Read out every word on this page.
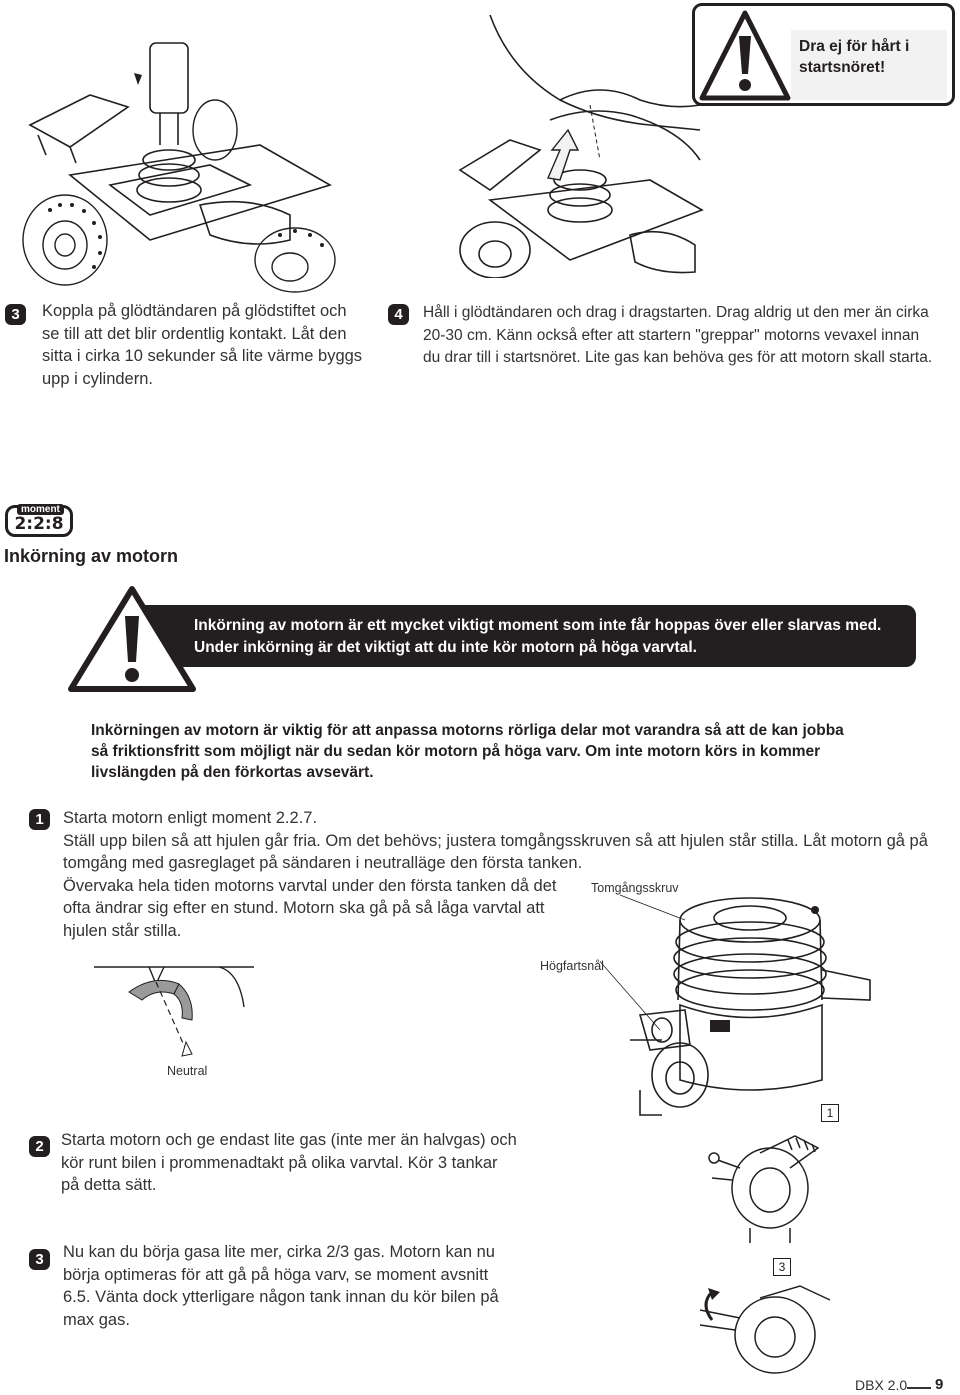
Dra ej för hårt i
startsnöret!
3	Koppla på glödtändaren på glödstiftet och
se till att det blir ordentlig kontakt. Låt den
sitta i cirka 10 sekunder så lite värme byggs
upp i cylindern.
4	Håll i glödtändaren och drag i dragstarten. Drag aldrig ut den mer än cirka
20-30 cm. Känn också efter att startern "greppar" motorns vevaxel innan
du drar till i startsnöret. Lite gas kan behöva ges för att motorn skall starta.
moment
2:2:8
Inkörning av motorn
Inkörning av motorn är ett mycket viktigt moment som inte får hoppas över eller slarvas med.
Under inkörning är det viktigt att du inte kör motorn på höga varvtal.
Inkörningen av motorn är viktig för att anpassa motorns rörliga delar mot varandra så att de kan jobba
så friktionsfritt som möjligt när du sedan kör motorn på höga varv. Om inte motorn körs in kommer
livslängden på den förkortas avsevärt.
1	Starta motorn enligt moment 2.2.7.
Ställ upp bilen så att hjulen går fria. Om det behövs; justera tomgångsskruven så att hjulen står stilla. Låt motorn gå på
tomgång med gasreglaget på sändaren i neutralläge den första tanken.
Övervaka hela tiden motorns varvtal under den första tanken då det
ofta ändrar sig efter en stund. Motorn ska gå på så låga varvtal att
hjulen står stilla.
Neutral
Tomgångsskruv
Högfartsnål
2	Starta motorn och ge endast lite gas (inte mer än halvgas) och
kör runt bilen i prommenadtakt på olika varvtal. Kör 3 tankar
på detta sätt.
3	Nu kan du börja gasa lite mer, cirka 2/3 gas. Motorn kan nu
börja optimeras för att gå på höga varv, se moment avsnitt
6.5. Vänta dock ytterligare någon tank innan du kör bilen på
max gas.
1
3
DBX 2.0 9
